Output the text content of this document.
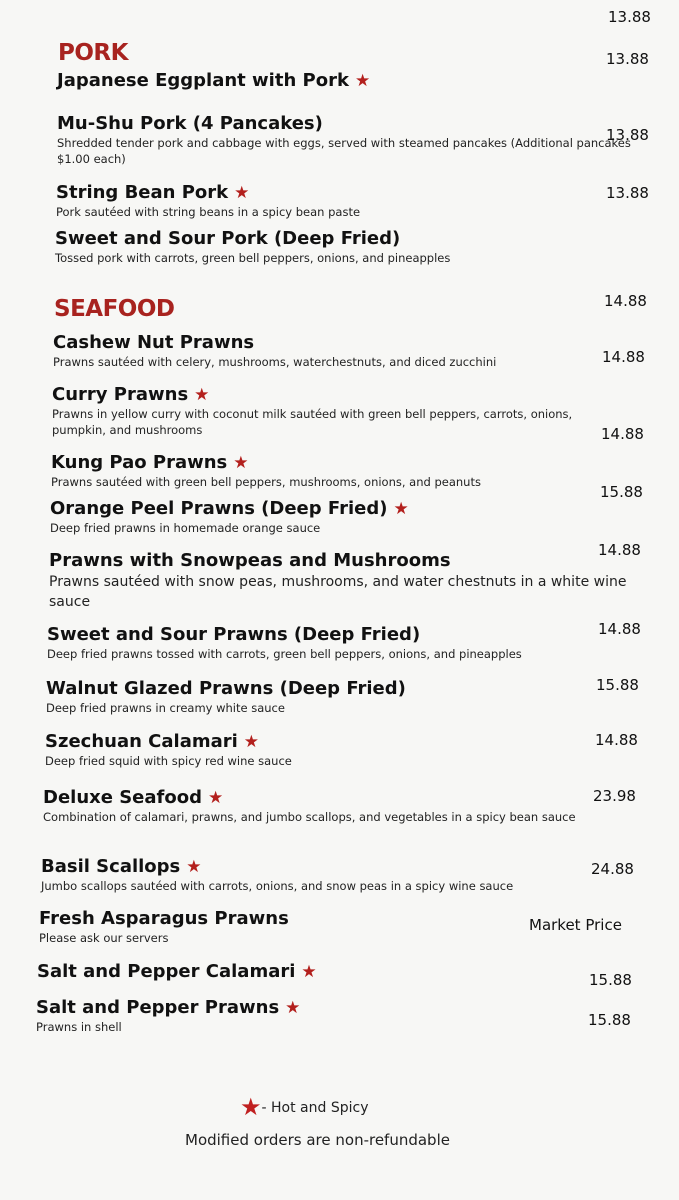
13.88
PORK
Japanese Eggplant with Pork ★
13.88
Mu-Shu Pork (4 Pancakes)
Shredded tender pork and cabbage with eggs, served with steamed pancakes (Additional pancakes $1.00 each)
13.88
String Bean Pork ★
Pork sautéed with string beans in a spicy bean paste
13.88
Sweet and Sour Pork (Deep Fried)
Tossed pork with carrots, green bell peppers, onions, and pineapples
SEAFOOD
Cashew Nut Prawns
Prawns sautéed with celery, mushrooms, waterchestnuts, and diced zucchini
14.88
Curry Prawns ★
Prawns in yellow curry with coconut milk sautéed with green bell peppers, carrots, onions, pumpkin, and mushrooms
14.88
Kung Pao Prawns ★
Prawns sautéed with green bell peppers, mushrooms, onions, and peanuts
14.88
Orange Peel Prawns (Deep Fried) ★
Deep fried prawns in homemade orange sauce
15.88
Prawns with Snowpeas and Mushrooms
Prawns sautéed with snow peas, mushrooms, and water chestnuts in a white wine sauce
14.88
Sweet and Sour Prawns (Deep Fried)
Deep fried prawns tossed with carrots, green bell peppers, onions, and pineapples
14.88
Walnut Glazed Prawns (Deep Fried)
Deep fried prawns in creamy white sauce
15.88
Szechuan Calamari ★
Deep fried squid with spicy red wine sauce
14.88
Deluxe Seafood ★
Combination of calamari, prawns, and jumbo scallops, and vegetables in a spicy bean sauce
23.98
Basil Scallops ★
Jumbo scallops sautéed with carrots, onions, and snow peas in a spicy wine sauce
24.88
Fresh Asparagus Prawns
Please ask our servers
Market Price
Salt and Pepper Calamari ★	15.88
Salt and Pepper Prawns ★
Prawns in shell	15.88
★- Hot and Spicy
Modified orders are non-refundable
